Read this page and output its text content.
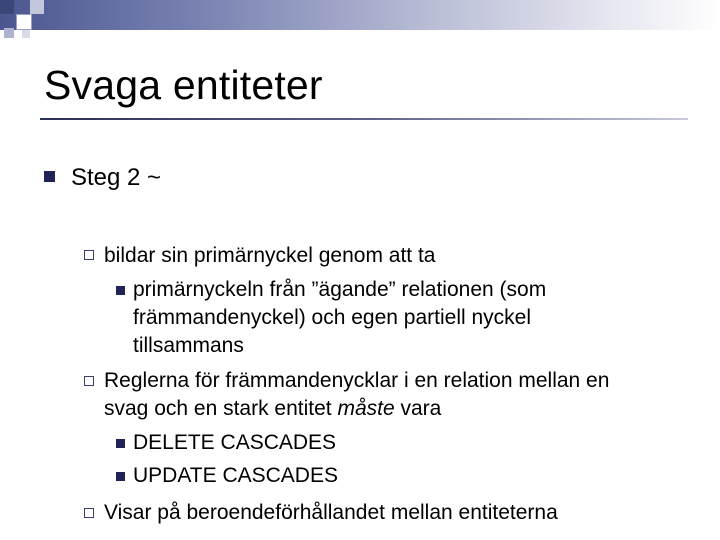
Svaga entiteter
Steg 2 ~
bildar sin primärnyckel genom att ta
primärnyckeln från ”ägande” relationen (som
främmandenyckel) och egen partiell nyckel
tillsammans
Reglerna för främmandenycklar i en relation mellan en
svag och en stark entitet måste vara
DELETE CASCADES
UPDATE CASCADES
Visar på beroendeförhållandet mellan entiteterna
